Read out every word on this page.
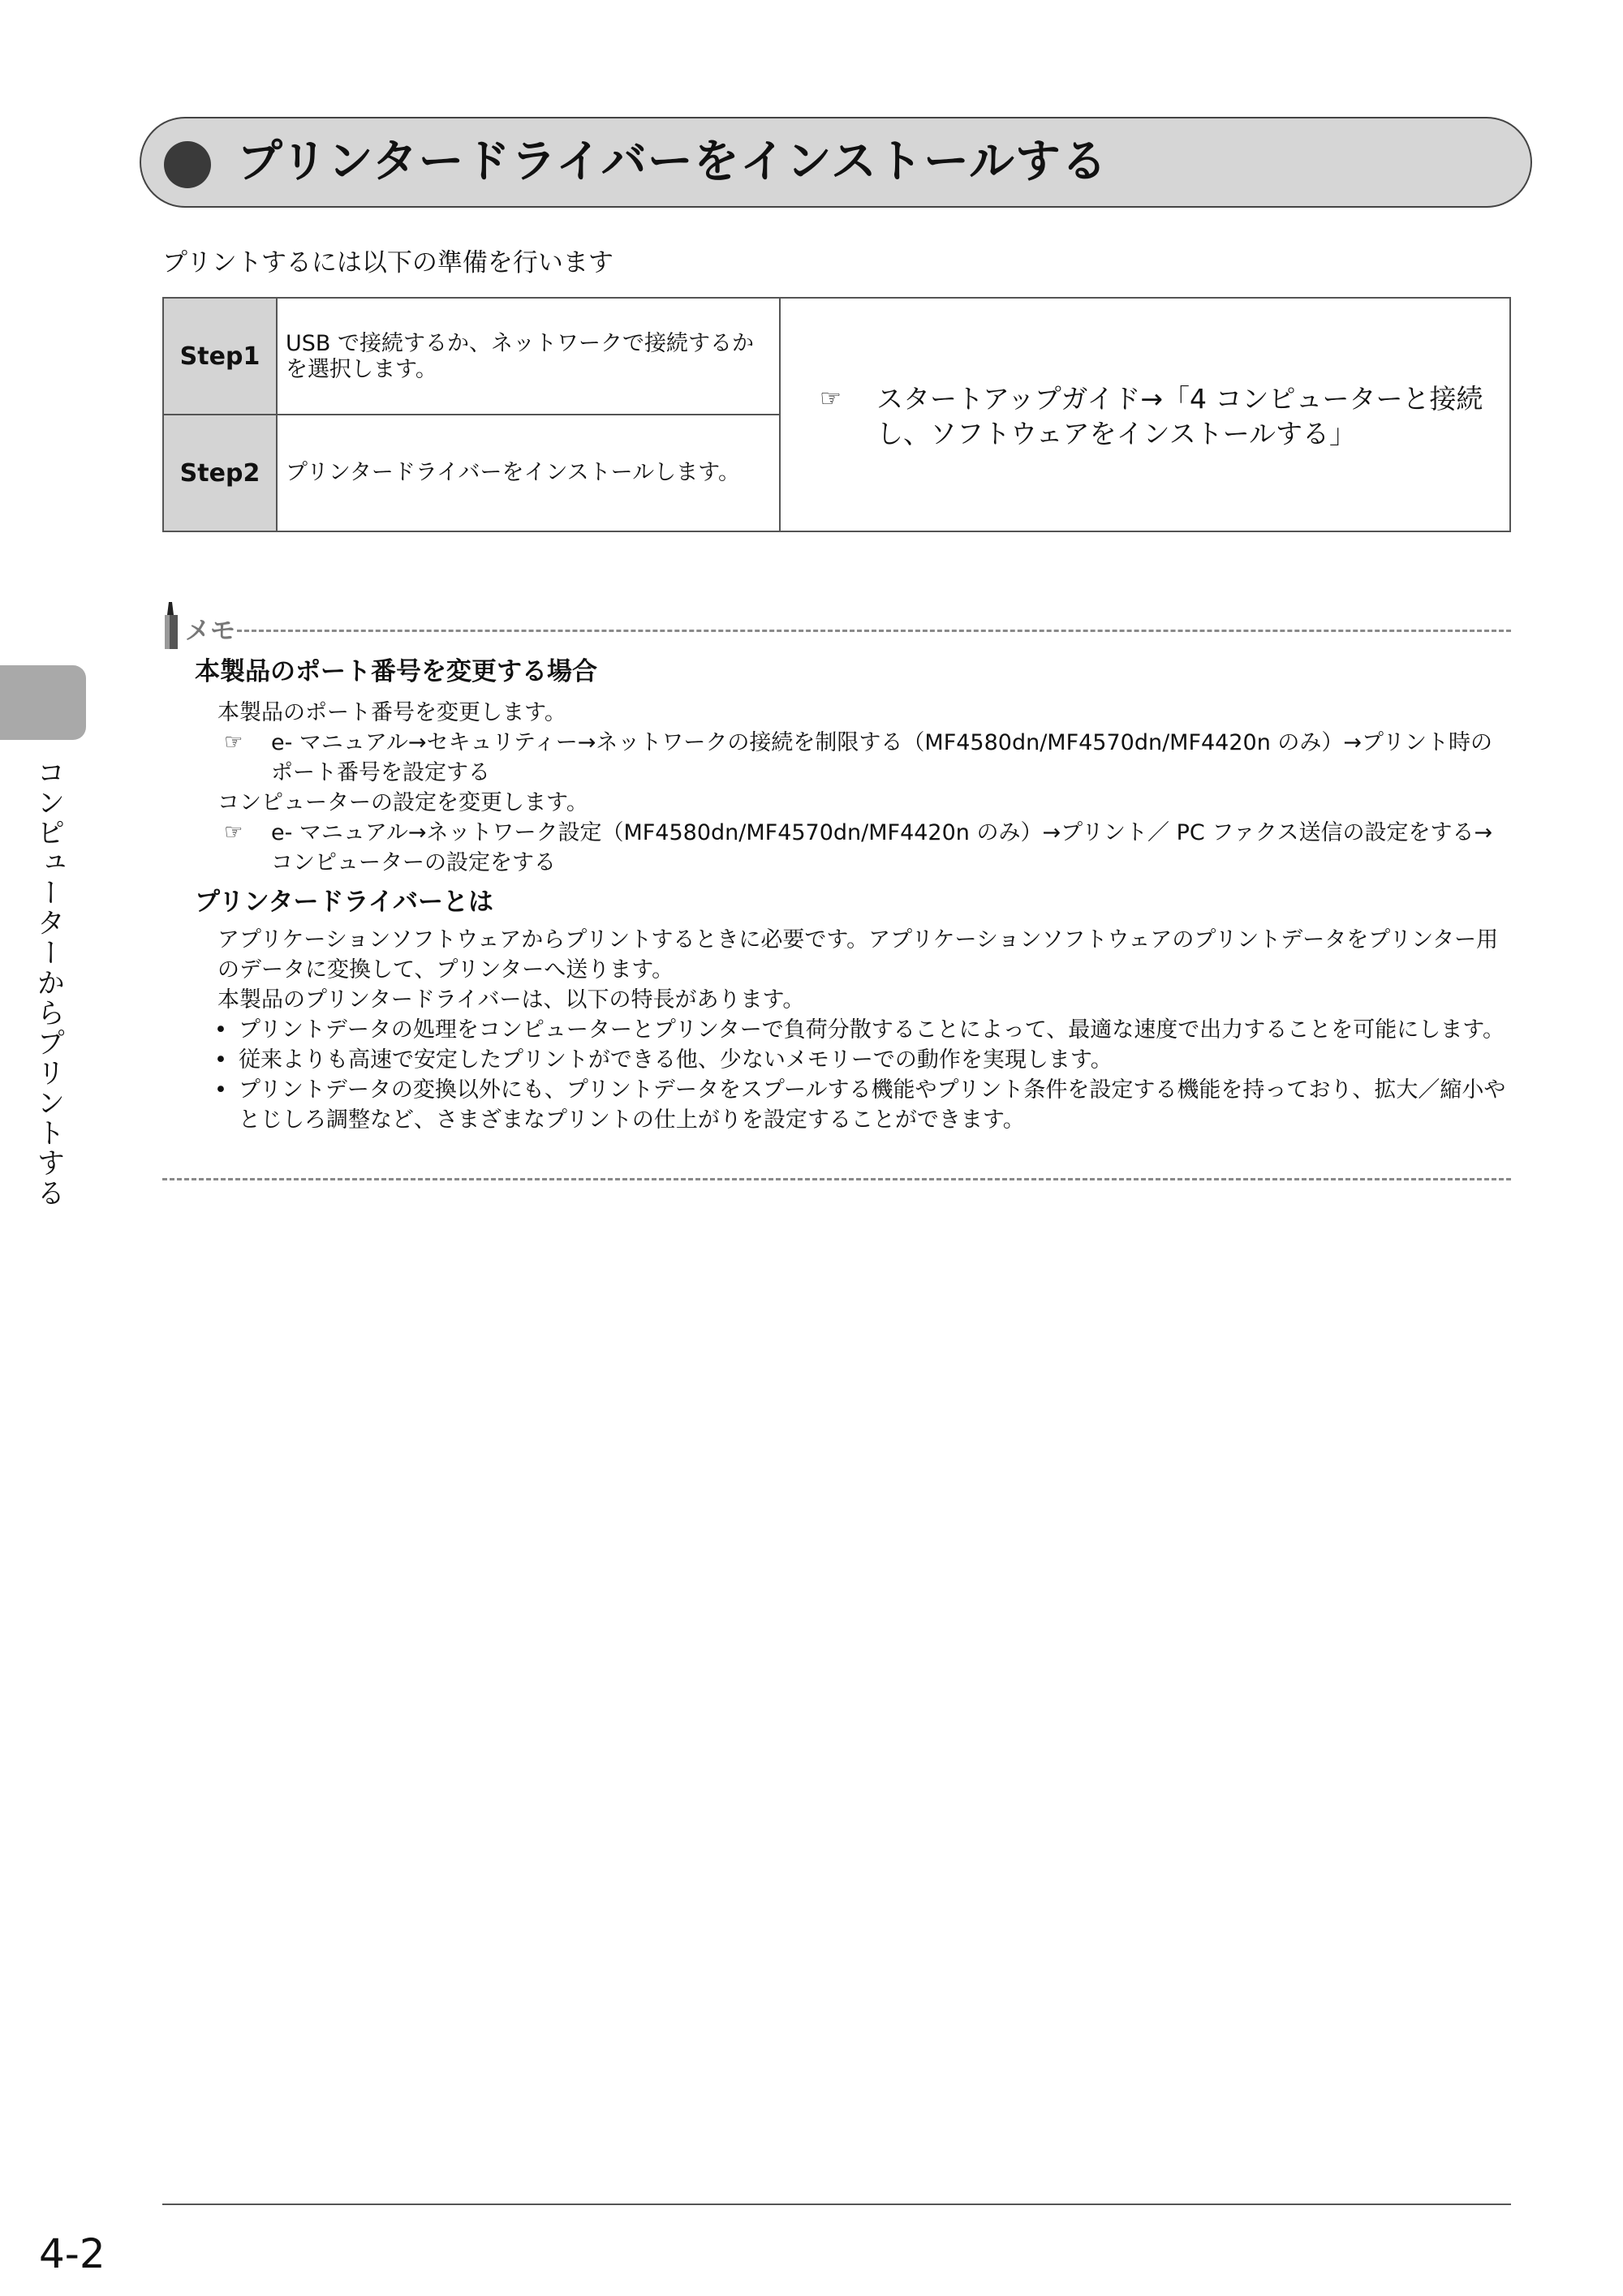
コンピューターからプリントする
プリンタードライバーをインストールする
プリントするには以下の準備を行います
Step1	USB で接続するか、ネットワークで接続するかを選択します。
Step2	プリンタードライバーをインストールします。
☞	スタートアップガイド→「4 コンピューターと接続し、ソフトウェアをインストールする」
メモ
本製品のポート番号を変更する場合
本製品のポート番号を変更します。
☞	e- マニュアル→セキュリティー→ネットワークの接続を制限する（MF4580dn/MF4570dn/MF4420n のみ）→プリント時のポート番号を設定する
コンピューターの設定を変更します。
☞	e- マニュアル→ネットワーク設定（MF4580dn/MF4570dn/MF4420n のみ）→プリント／ PC ファクス送信の設定をする→コンピューターの設定をする
プリンタードライバーとは
アプリケーションソフトウェアからプリントするときに必要です。アプリケーションソフトウェアのプリントデータをプリンター用のデータに変換して、プリンターへ送ります。
本製品のプリンタードライバーは、以下の特長があります。
• プリントデータの処理をコンピューターとプリンターで負荷分散することによって、最適な速度で出力することを可能にします。
• 従来よりも高速で安定したプリントができる他、少ないメモリーでの動作を実現します。
• プリントデータの変換以外にも、プリントデータをスプールする機能やプリント条件を設定する機能を持っており、拡大／縮小やとじしろ調整など、さまざまなプリントの仕上がりを設定することができます。
4-2
